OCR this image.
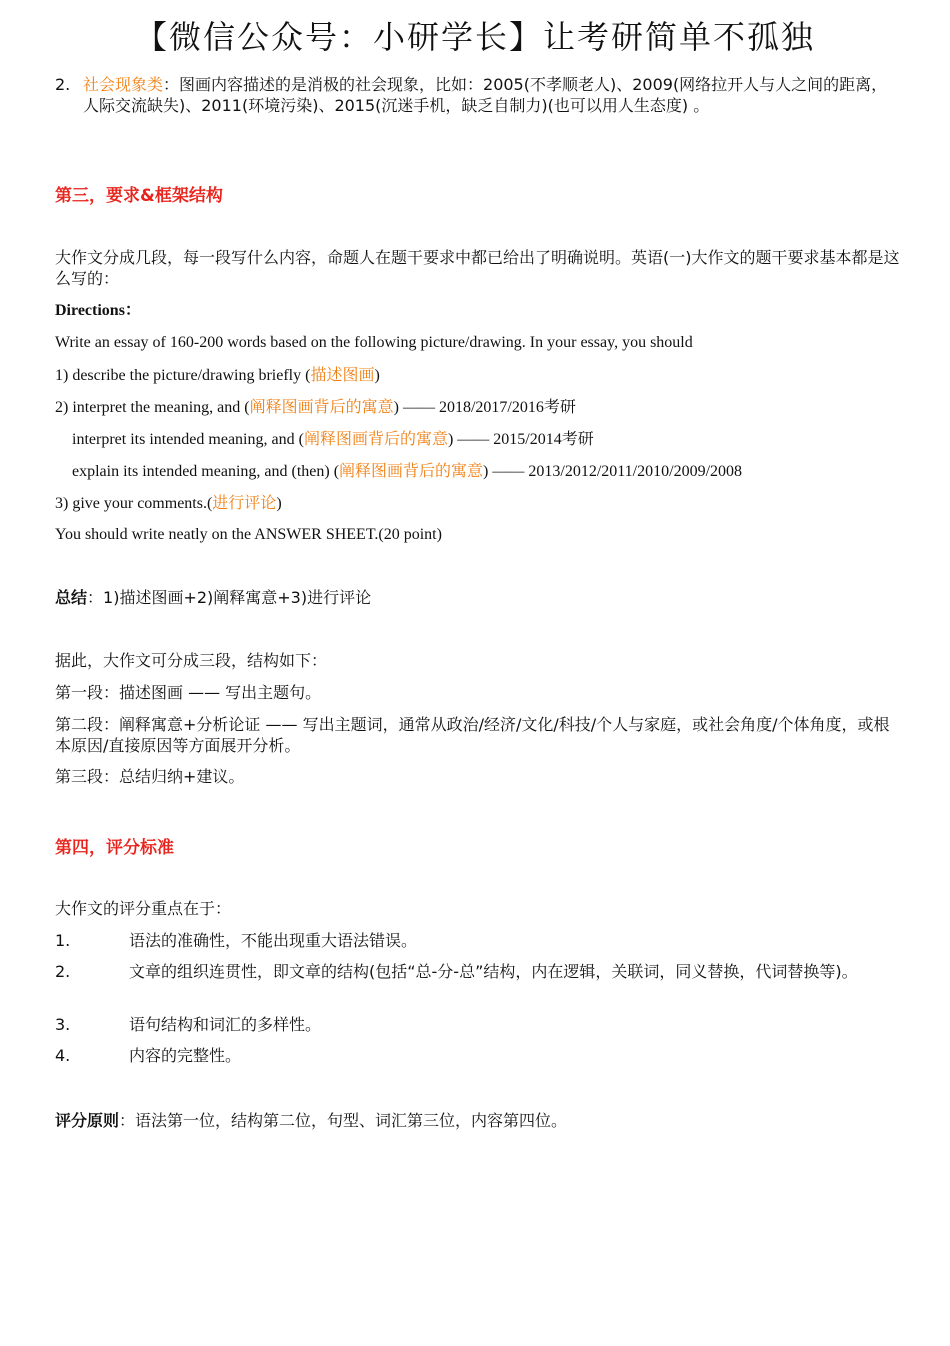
【微信公众号：小研学长】让考研简单不孤独
2. 社会现象类：图画内容描述的是消极的社会现象，比如：2005(不孝顺老人)、2009(网络拉开人与人之间的距离，人际交流缺失)、2011(环境污染)、2015(沉迷手机，缺乏自制力)(也可以用人生态度) 。
第三，要求&框架结构
大作文分成几段，每一段写什么内容，命题人在题干要求中都已给出了明确说明。英语(一)大作文的题干要求基本都是这么写的：
Directions：
Write an essay of 160-200 words based on the following picture/drawing. In your essay, you should
1) describe the picture/drawing briefly (描述图画)
2) interpret the meaning, and (阐释图画背后的寓意) —— 2018/2017/2016考研
interpret its intended meaning, and (阐释图画背后的寓意) —— 2015/2014考研
explain its intended meaning, and (then) (阐释图画背后的寓意) —— 2013/2012/2011/2010/2009/2008
3) give your comments.(进行评论)
You should write neatly on the ANSWER SHEET.(20 point)
总结：1)描述图画+2)阐释寓意+3)进行评论
据此，大作文可分成三段，结构如下：
第一段：描述图画 —— 写出主题句。
第二段：阐释寓意+分析论证 —— 写出主题词，通常从政治/经济/文化/科技/个人与家庭，或社会角度/个体角度，或根本原因/直接原因等方面展开分析。
第三段：总结归纳+建议。
第四，评分标准
大作文的评分重点在于：
1.	语法的准确性，不能出现重大语法错误。
2.	文章的组织连贯性，即文章的结构(包括“总-分-总”结构，内在逻辑，关联词，同义替换，代词替换等)。
3.	语句结构和词汇的多样性。
4.	内容的完整性。
评分原则：语法第一位，结构第二位，句型、词汇第三位，内容第四位。
